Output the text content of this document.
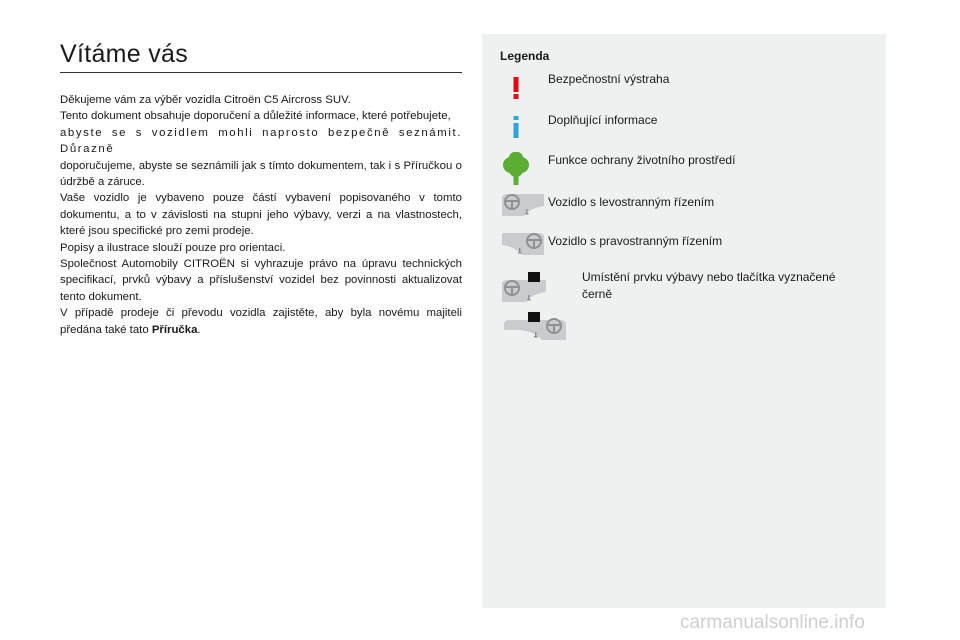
Vítáme vás

Děkujeme vám za výběr vozidla Citroën C5 Aircross SUV.

Tento dokument obsahuje doporučení a důležité informace, které potřebujete,

abyste se s vozidlem mohli naprosto bezpečně seznámit. Důrazně

doporučujeme, abyste se seznámili jak s tímto dokumentem, tak i s Příručkou o údržbě a záruce.

Vaše vozidlo je vybaveno pouze částí vybavení popisovaného v tomto dokumentu, a to v závislosti na stupni jeho výbavy, verzi a na vlastnostech, které jsou specifické pro zemi prodeje.

Popisy a ilustrace slouží pouze pro orientaci.

Společnost Automobily CITROËN si vyhrazuje právo na úpravu technických specifikací, prvků výbavy a příslušenství vozidel bez povinnosti aktualizovat tento dokument.

V případě prodeje či převodu vozidla zajistěte, aby byla novému majiteli předána také tato Příručka.

Legenda
Bezpečnostní výstraha
Doplňující informace
Funkce ochrany životního prostředí
Vozidlo s levostranným řízením
Vozidlo s pravostranným řízením
Umístění prvku výbavy nebo tlačítka vyznačené černě
carmanualsonline.info
